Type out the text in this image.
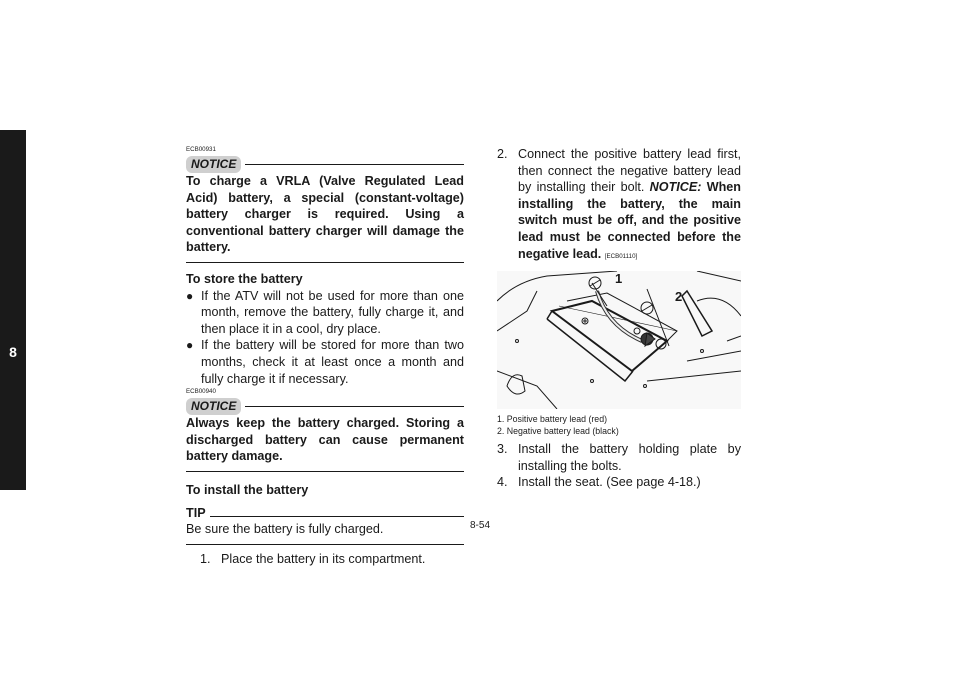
8

ECB00931

NOTICE

To charge a VRLA (Valve Regulated Lead Acid) battery, a special (constant-voltage) battery charger is required. Using a conventional battery charger will damage the battery.

To store the battery

● If the ATV will not be used for more than one month, remove the battery, fully charge it, and then place it in a cool, dry place.
● If the battery will be stored for more than two months, check it at least once a month and fully charge it if necessary.

ECB00940

NOTICE

Always keep the battery charged. Storing a discharged battery can cause permanent battery damage.

To install the battery

TIP

Be sure the battery is fully charged.

1. Place the battery in its compartment.
2. Connect the positive battery lead first, then connect the negative battery lead by installing their bolt. NOTICE: When installing the battery, the main switch must be off, and the positive lead must be connected before the negative lead. [ECB01110]
1
2

1. Positive battery lead (red)

2. Negative battery lead (black)

3. Install the battery holding plate by installing the bolts.
4. Install the seat. (See page 4-18.)
8-54
